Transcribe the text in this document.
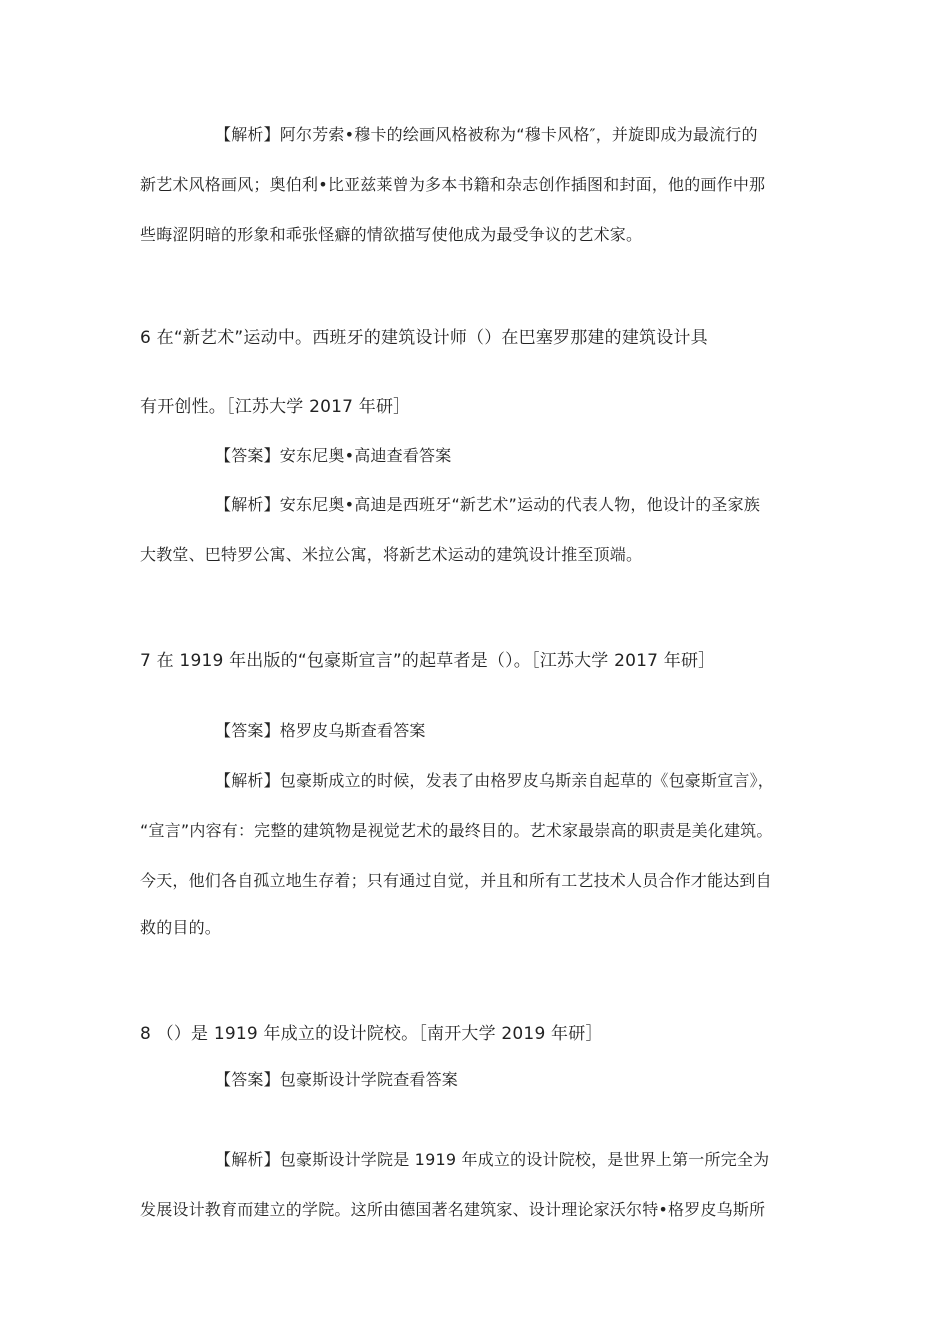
【解析】阿尔芳索•穆卡的绘画风格被称为“穆卡风格″，并旋即成为最流行的
新艺术风格画风；奥伯利•比亚兹莱曾为多本书籍和杂志创作插图和封面，他的画作中那
些晦涩阴暗的形象和乖张怪癖的情欲描写使他成为最受争议的艺术家。
6 在“新艺术”运动中。西班牙的建筑设计师（）在巴塞罗那建的建筑设计具
有开创性。［江苏大学 2017 年研］
【答案】安东尼奥•高迪查看答案
【解析】安东尼奥•高迪是西班牙“新艺术”运动的代表人物，他设计的圣家族
大教堂、巴特罗公寓、米拉公寓，将新艺术运动的建筑设计推至顶端。
7 在 1919 年出版的“包豪斯宣言”的起草者是（）。［江苏大学 2017 年研］
【答案】格罗皮乌斯查看答案
【解析】包豪斯成立的时候，发表了由格罗皮乌斯亲自起草的《包豪斯宣言》，
“宣言”内容有：完整的建筑物是视觉艺术的最终目的。艺术家最崇高的职责是美化建筑。
今天，他们各自孤立地生存着；只有通过自觉，并且和所有工艺技术人员合作才能达到自
救的目的。
8 （）是 1919 年成立的设计院校。［南开大学 2019 年研］
【答案】包豪斯设计学院查看答案
【解析】包豪斯设计学院是 1919 年成立的设计院校，是世界上第一所完全为
发展设计教育而建立的学院。这所由德国著名建筑家、设计理论家沃尔特•格罗皮乌斯所
